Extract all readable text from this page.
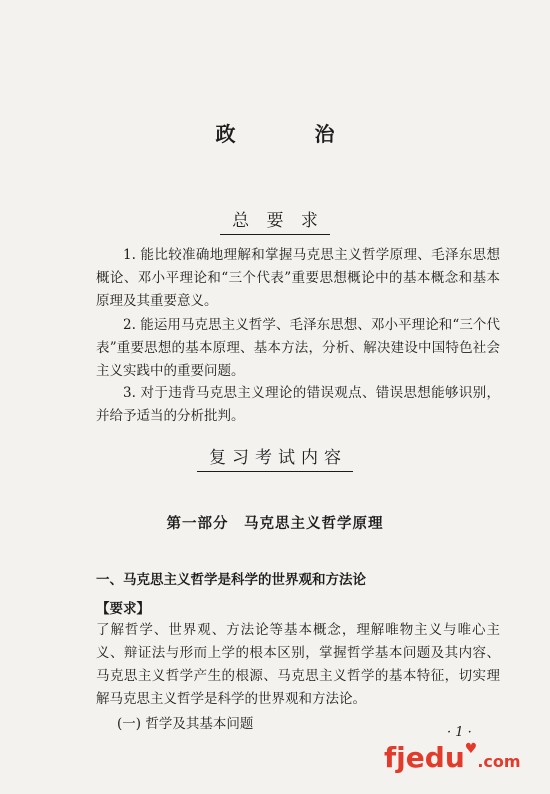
政 治
总 要 求

1. 能比较准确地理解和掌握马克思主义哲学原理、毛泽东思想概论、邓小平理论和“三个代表”重要思想概论中的基本概念和基本原理及其重要意义。

2. 能运用马克思主义哲学、毛泽东思想、邓小平理论和“三个代表”重要思想的基本原理、基本方法，分析、解决建设中国特色社会主义实践中的重要问题。

3. 对于违背马克思主义理论的错误观点、错误思想能够识别，并给予适当的分析批判。

复习考试内容
第一部分　马克思主义哲学原理
一、马克思主义哲学是科学的世界观和方法论
【要求】

了解哲学、世界观、方法论等基本概念，理解唯物主义与唯心主义、辩证法与形而上学的根本区别，掌握哲学基本问题及其内容、马克思主义哲学产生的根源、马克思主义哲学的基本特征，切实理解马克思主义哲学是科学的世界观和方法论。

(一) 哲学及其基本问题
· 1 ·
fjedu♥.com
